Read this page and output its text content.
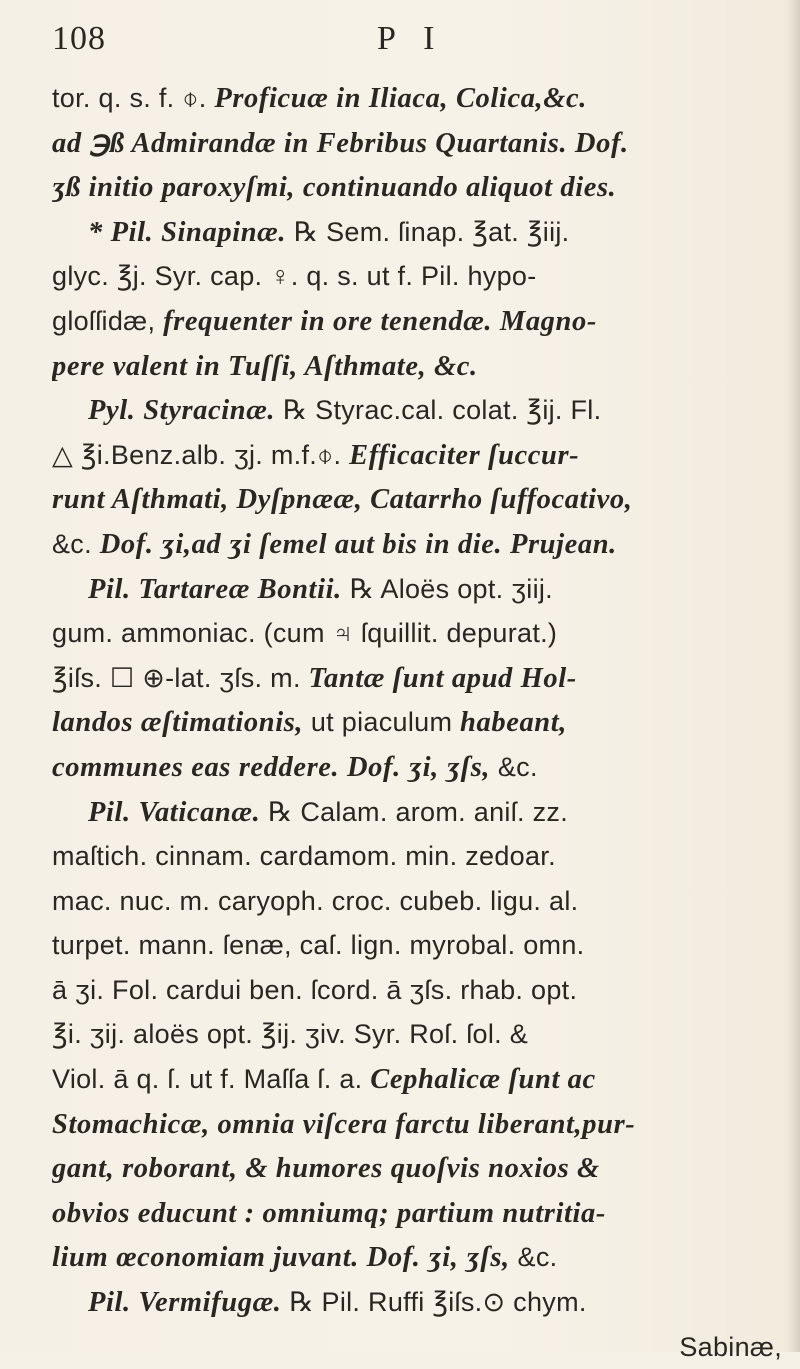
108	P I
tor. q. s. f. ⌽. Proficuæ in Iliaca, Colica,&c.
ad ℈ß Admirandæ in Febribus Quartanis. Dof.
ʒß initio paroxyſmi, continuando aliquot dies.
* Pil. Sinapinæ. ℞ Sem. ſinap. ℥at. ℥iij.
glyc. ℥j. Syr. cap. ♀. q. s. ut f. Pil. hypo-
gloſſidæ, frequenter in ore tenendæ. Magno-
pere valent in Tuſſi, Aſthmate, &c.
Pyl. Styracinæ. ℞ Styrac.cal. colat. ℥ij. Fl.
△ ℥i.Benz.alb. ʒj. m.f.⌽. Efficaciter ſuccur-
runt Aſthmati, Dyſpnææ, Catarrho ſuffocativo,
&c. Dof. ʒi,ad ʒi ſemel aut bis in die. Prujean.
Pil. Tartareæ Bontii. ℞ Aloës opt. ʒiij.
gum. ammoniac. (cum ♃ ſquillit. depurat.)
℥iſs. ☐ ⊕-lat. ʒſs. m. Tantæ ſunt apud Hol-
landos æſtimationis, ut piaculum habeant,
communes eas reddere. Dof. ʒi, ʒſs, &c.
Pil. Vaticanæ. ℞ Calam. arom. aniſ. zz.
maſtich. cinnam. cardamom. min. zedoar.
mac. nuc. m. caryoph. croc. cubeb. ligu. al.
turpet. mann. ſenæ, caſ. lign. myrobal. omn.
ā ʒi. Fol. cardui ben. ſcord. ā ʒſs. rhab. opt.
℥i. ʒij. aloës opt. ℥ij. ʒiv. Syr. Roſ. ſol. &
Viol. ā q. ſ. ut f. Maſſa ſ. a. Cephalicæ ſunt ac
Stomachicæ, omnia viſcera farctu liberant,pur-
gant, roborant, & humores quoſvis noxios &
obvios educunt : omniumq; partium nutritia-
lium œconomiam juvant. Dof. ʒi, ʒſs, &c.
Pil. Vermifugæ. ℞ Pil. Ruffi ℥iſs.⊙ chym.
Sabinæ,
